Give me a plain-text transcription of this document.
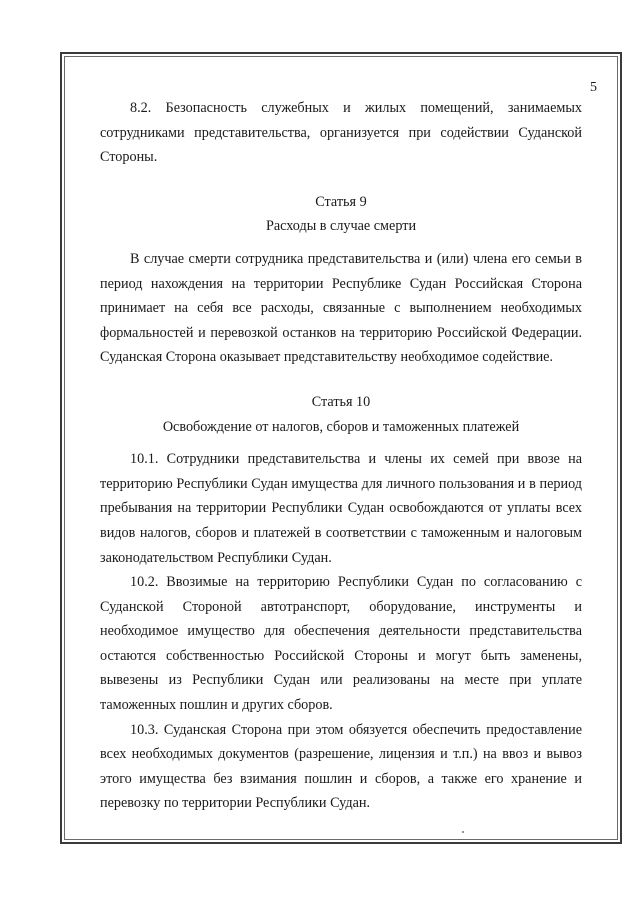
5

8.2. Безопасность служебных и жилых помещений, занимаемых сотрудниками представительства, организуется при содействии Суданской Стороны.

Статья 9

Расходы в случае смерти

В случае смерти сотрудника представительства и (или) члена его семьи в период нахождения на территории Республике Судан Российская Сторона принимает на себя все расходы, связанные с выполнением необходимых формальностей и перевозкой останков на территорию Российской Федерации. Суданская Сторона оказывает представительству необходимое содействие.

Статья 10

Освобождение от налогов, сборов и таможенных платежей

10.1. Сотрудники представительства и члены их семей при ввозе на территорию Республики Судан имущества для личного пользования и в период пребывания на территории Республики Судан освобождаются от уплаты всех видов налогов, сборов и платежей в соответствии с таможенным и налоговым законодательством Республики Судан.

10.2. Ввозимые на территорию Республики Судан по согласованию с Суданской Стороной автотранспорт, оборудование, инструменты и необходимое имущество для обеспечения деятельности представительства остаются собственностью Российской Стороны и могут быть заменены, вывезены из Республики Судан или реализованы на месте при уплате таможенных пошлин и других сборов.

10.3. Суданская Сторона при этом обязуется обеспечить предоставление всех необходимых документов (разрешение, лицензия и т.п.) на ввоз и вывоз этого имущества без взимания пошлин и сборов, а также его хранение и перевозку по территории Республики Судан.
